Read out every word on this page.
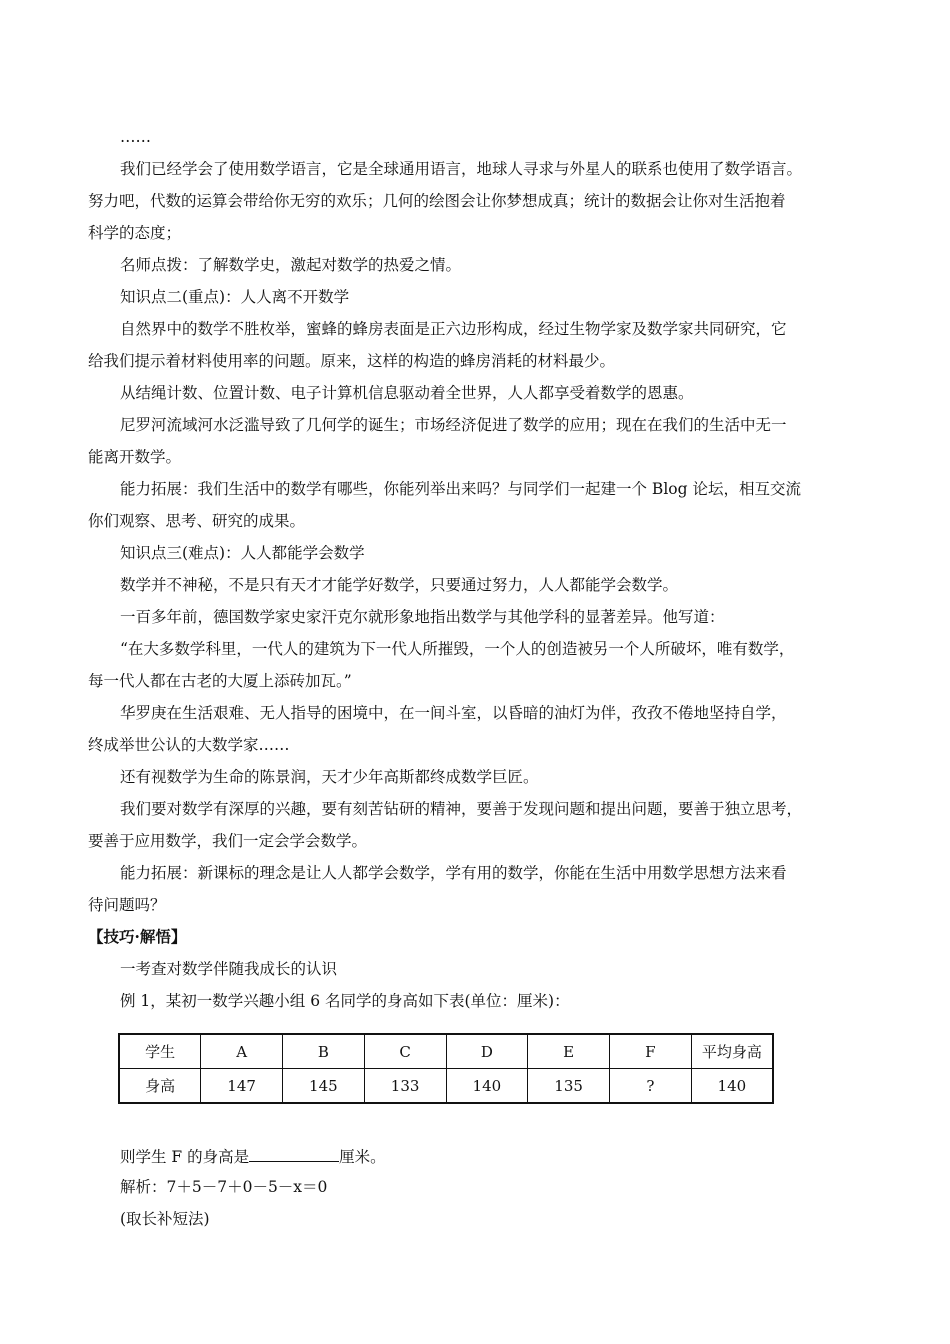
……
我们已经学会了使用数学语言，它是全球通用语言，地球人寻求与外星人的联系也使用了数学语言。
努力吧，代数的运算会带给你无穷的欢乐；几何的绘图会让你梦想成真；统计的数据会让你对生活抱着
科学的态度；
名师点拨：了解数学史，激起对数学的热爱之情。
知识点二(重点)：人人离不开数学
自然界中的数学不胜枚举，蜜蜂的蜂房表面是正六边形构成，经过生物学家及数学家共同研究，它
给我们提示着材料使用率的问题。原来，这样的构造的蜂房消耗的材料最少。
从结绳计数、位置计数、电子计算机信息驱动着全世界，人人都享受着数学的恩惠。
尼罗河流域河水泛滥导致了几何学的诞生；市场经济促进了数学的应用；现在在我们的生活中无一
能离开数学。
能力拓展：我们生活中的数学有哪些，你能列举出来吗？与同学们一起建一个 Blog 论坛，相互交流
你们观察、思考、研究的成果。
知识点三(难点)：人人都能学会数学
数学并不神秘，不是只有天才才能学好数学，只要通过努力，人人都能学会数学。
一百多年前，德国数学家史家汗克尔就形象地指出数学与其他学科的显著差异。他写道：
“在大多数学科里，一代人的建筑为下一代人所摧毁，一个人的创造被另一个人所破坏，唯有数学，
每一代人都在古老的大厦上添砖加瓦。”
华罗庚在生活艰难、无人指导的困境中，在一间斗室，以昏暗的油灯为伴，孜孜不倦地坚持自学，
终成举世公认的大数学家……
还有视数学为生命的陈景润，天才少年高斯都终成数学巨匠。
我们要对数学有深厚的兴趣，要有刻苦钻研的精神，要善于发现问题和提出问题，要善于独立思考，
要善于应用数学，我们一定会学会数学。
能力拓展：新课标的理念是让人人都学会数学，学有用的数学，你能在生活中用数学思想方法来看
待问题吗？
【技巧·解悟】
一考查对数学伴随我成长的认识
例 1，某初一数学兴趣小组 6 名同学的身高如下表(单位：厘米)：
学生	A	B	C	D	E	F	平均身高
身高	147	145	133	140	135	?	140
则学生 F 的身高是	厘米。
解析：7＋5－7＋0－5－x＝0
(取长补短法)
